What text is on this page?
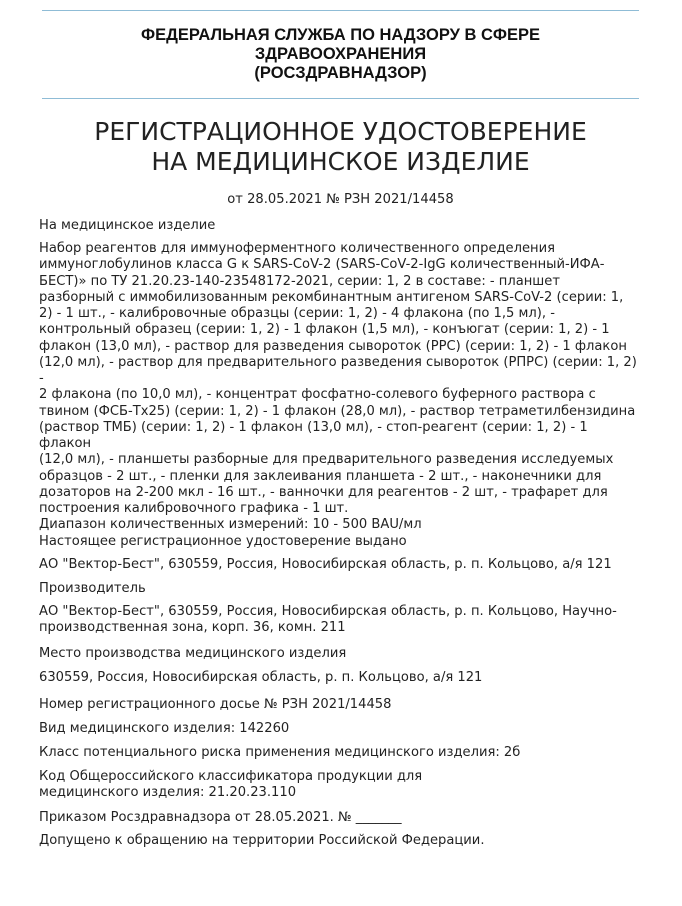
ФЕДЕРАЛЬНАЯ СЛУЖБА ПО НАДЗОРУ В СФЕРЕ
ЗДРАВООХРАНЕНИЯ
(РОСЗДРАВНАДЗОР)
РЕГИСТРАЦИОННОЕ УДОСТОВЕРЕНИЕ
НА МЕДИЦИНСКОЕ ИЗДЕЛИЕ
от 28.05.2021 № РЗН 2021/14458
На медицинское изделие
Набор реагентов для иммуноферментного количественного определения
иммуноглобулинов класса G к SARS-CoV-2 (SARS-CoV-2-IgG количественный-ИФА-
БЕСТ)» по ТУ 21.20.23-140-23548172-2021, серии: 1, 2 в составе: - планшет
разборный с иммобилизованным рекомбинантным антигеном SARS-CoV-2 (серии: 1,
2) - 1 шт., - калибровочные образцы (серии: 1, 2) - 4 флакона (по 1,5 мл), -
контрольный образец (серии: 1, 2) - 1 флакон (1,5 мл), - конъюгат (серии: 1, 2) - 1
флакон (13,0 мл), - раствор для разведения сывороток (РРС) (серии: 1, 2) - 1 флакон
(12,0 мл), - раствор для предварительного разведения сывороток (РПРС) (серии: 1, 2) -
2 флакона (по 10,0 мл), - концентрат фосфатно-солевого буферного раствора с
твином (ФСБ-Тх25) (серии: 1, 2) - 1 флакон (28,0 мл), - раствор тетраметилбензидина
(раствор ТМБ) (серии: 1, 2) - 1 флакон (13,0 мл), - стоп-реагент (серии: 1, 2) - 1 флакон
(12,0 мл), - планшеты разборные для предварительного разведения исследуемых
образцов - 2 шт., - пленки для заклеивания планшета - 2 шт., - наконечники для
дозаторов на 2-200 мкл - 16 шт., - ванночки для реагентов - 2 шт, - трафарет для
построения калибровочного графика - 1 шт.
Диапазон количественных измерений: 10 - 500 BAU/мл
Настоящее регистрационное удостоверение выдано
АО "Вектор-Бест", 630559, Россия, Новосибирская область, р. п. Кольцово, а/я 121
Производитель
АО "Вектор-Бест", 630559, Россия, Новосибирская область, р. п. Кольцово, Научно-
производственная зона, корп. 36, комн. 211
Место производства медицинского изделия
630559, Россия, Новосибирская область, р. п. Кольцово, а/я 121
Номер регистрационного досье № РЗН 2021/14458
Вид медицинского изделия: 142260
Класс потенциального риска применения медицинского изделия: 2б
Код Общероссийского классификатора продукции для
медицинского изделия: 21.20.23.110
Приказом Росздравнадзора от 28.05.2021. № _______
Допущено к обращению на территории Российской Федерации.
